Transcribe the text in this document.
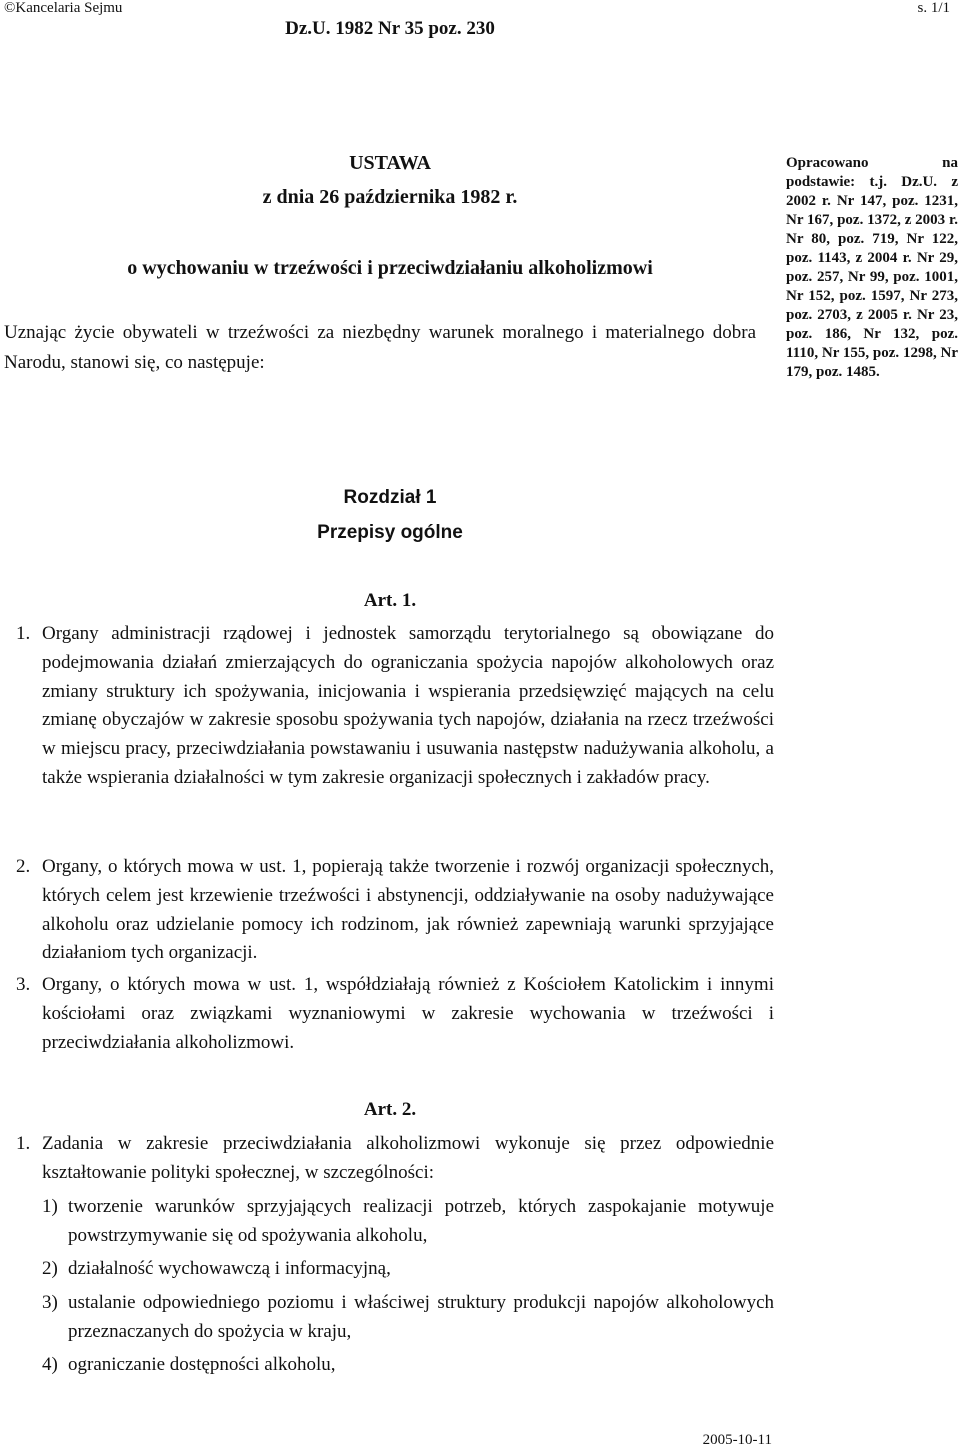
©Kancelaria Sejmu	s. 1/1
Dz.U. 1982 Nr 35 poz. 230
USTAWA
z dnia 26 października 1982 r.
o wychowaniu w trzeźwości i przeciwdziałaniu alkoholizmowi
Uznając życie obywateli w trzeźwości za niezbędny warunek moralnego i materialnego dobra Narodu, stanowi się, co następuje:
Rozdział 1
Przepisy ogólne
Opracowano na podstawie: t.j. Dz.U. z 2002 r. Nr 147, poz. 1231, Nr 167, poz. 1372, z 2003 r. Nr 80, poz. 719, Nr 122, poz. 1143, z 2004 r. Nr 29, poz. 257, Nr 99, poz. 1001, Nr 152, poz. 1597, Nr 273, poz. 2703, z 2005 r. Nr 23, poz. 186, Nr 132, poz. 1110, Nr 155, poz. 1298, Nr 179, poz. 1485.
Art. 1.
1. Organy administracji rządowej i jednostek samorządu terytorialnego są obowiązane do podejmowania działań zmierzających do ograniczania spożycia napojów alkoholowych oraz zmiany struktury ich spożywania, inicjowania i wspierania przedsięwzięć mających na celu zmianę obyczajów w zakresie sposobu spożywania tych napojów, działania na rzecz trzeźwości w miejscu pracy, przeciwdziałania powstawaniu i usuwania następstw nadużywania alkoholu, a także wspierania działalności w tym zakresie organizacji społecznych i zakładów pracy.
2. Organy, o których mowa w ust. 1, popierają także tworzenie i rozwój organizacji społecznych, których celem jest krzewienie trzeźwości i abstynencji, oddziaływanie na osoby nadużywające alkoholu oraz udzielanie pomocy ich rodzinom, jak również zapewniają warunki sprzyjające działaniom tych organizacji.
3. Organy, o których mowa w ust. 1, współdziałają również z Kościołem Katolickim i innymi kościołami oraz związkami wyznaniowymi w zakresie wychowania w trzeźwości i przeciwdziałania alkoholizmowi.
Art. 2.
1. Zadania w zakresie przeciwdziałania alkoholizmowi wykonuje się przez odpowiednie kształtowanie polityki społecznej, w szczególności:
1) tworzenie warunków sprzyjających realizacji potrzeb, których zaspokajanie motywuje powstrzymywanie się od spożywania alkoholu,
2) działalność wychowawczą i informacyjną,
3) ustalanie odpowiedniego poziomu i właściwej struktury produkcji napojów alkoholowych przeznaczanych do spożycia w kraju,
4) ograniczanie dostępności alkoholu,
2005-10-11
